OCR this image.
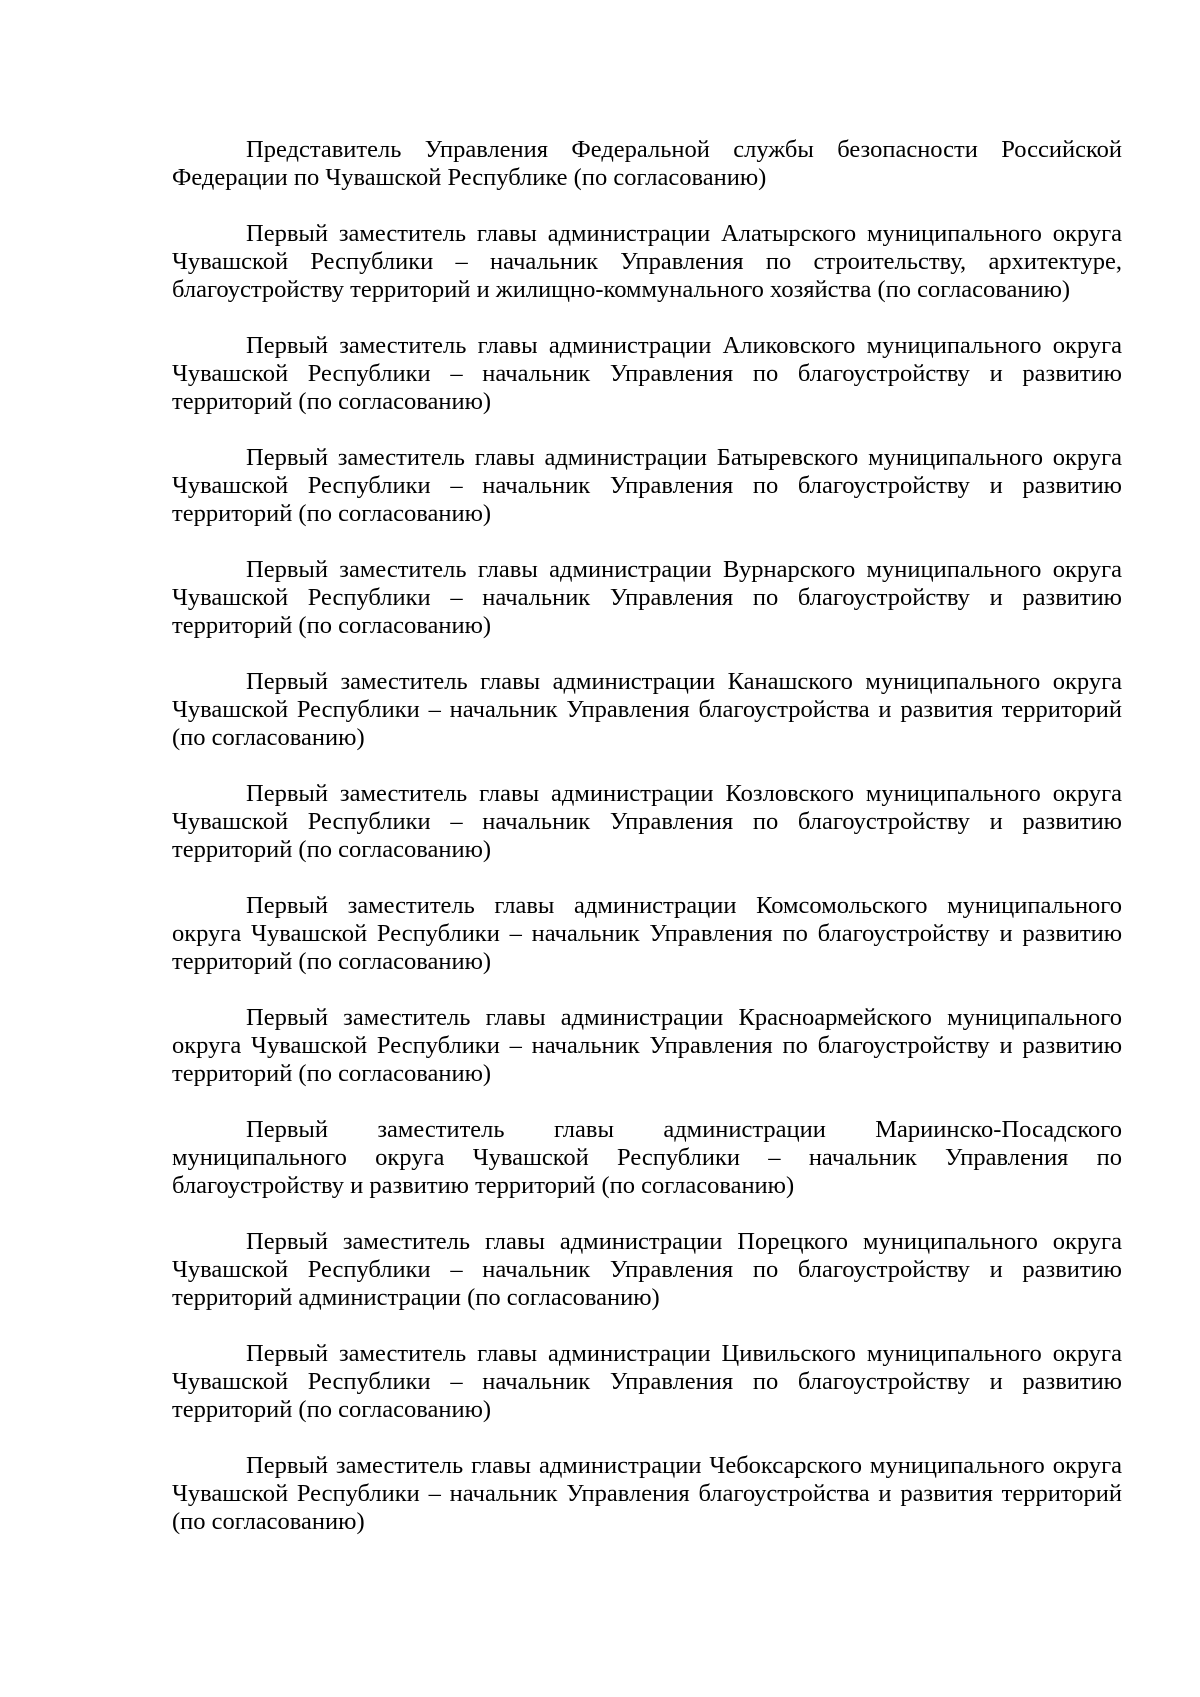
Представитель Управления Федеральной службы безопасности Российской Федерации по Чувашской Республике (по согласованию)

Первый заместитель главы администрации Алатырского муниципального округа Чувашской Республики – начальник Управления по строительству, архитектуре, благоустройству территорий и жилищно-коммунального хозяйства (по согласованию)

Первый заместитель главы администрации Аликовского муниципального округа Чувашской Республики – начальник Управления по благоустройству и развитию территорий (по согласованию)

Первый заместитель главы администрации Батыревского муниципального округа Чувашской Республики – начальник Управления по благоустройству и развитию территорий (по согласованию)

Первый заместитель главы администрации Вурнарского муниципального округа Чувашской Республики – начальник Управления по благоустройству и развитию территорий (по согласованию)

Первый заместитель главы администрации Канашского муниципального округа Чувашской Республики – начальник Управления благоустройства и развития территорий (по согласованию)

Первый заместитель главы администрации Козловского муниципального округа Чувашской Республики – начальник Управления по благоустройству и развитию территорий (по согласованию)

Первый заместитель главы администрации Комсомольского муниципального округа Чувашской Республики – начальник Управления по благоустройству и развитию территорий (по согласованию)

Первый заместитель главы администрации Красноармейского муниципального округа Чувашской Республики – начальник Управления по благоустройству и развитию территорий (по согласованию)

Первый заместитель главы администрации Мариинско-Посадского муниципального округа Чувашской Республики – начальник Управления по благоустройству и развитию территорий (по согласованию)

Первый заместитель главы администрации Порецкого муниципального округа Чувашской Республики – начальник Управления по благоустройству и развитию территорий администрации (по согласованию)

Первый заместитель главы администрации Цивильского муниципального округа Чувашской Республики – начальник Управления по благоустройству и развитию территорий (по согласованию)

Первый заместитель главы администрации Чебоксарского муниципального округа Чувашской Республики – начальник Управления благоустройства и развития территорий (по согласованию)
